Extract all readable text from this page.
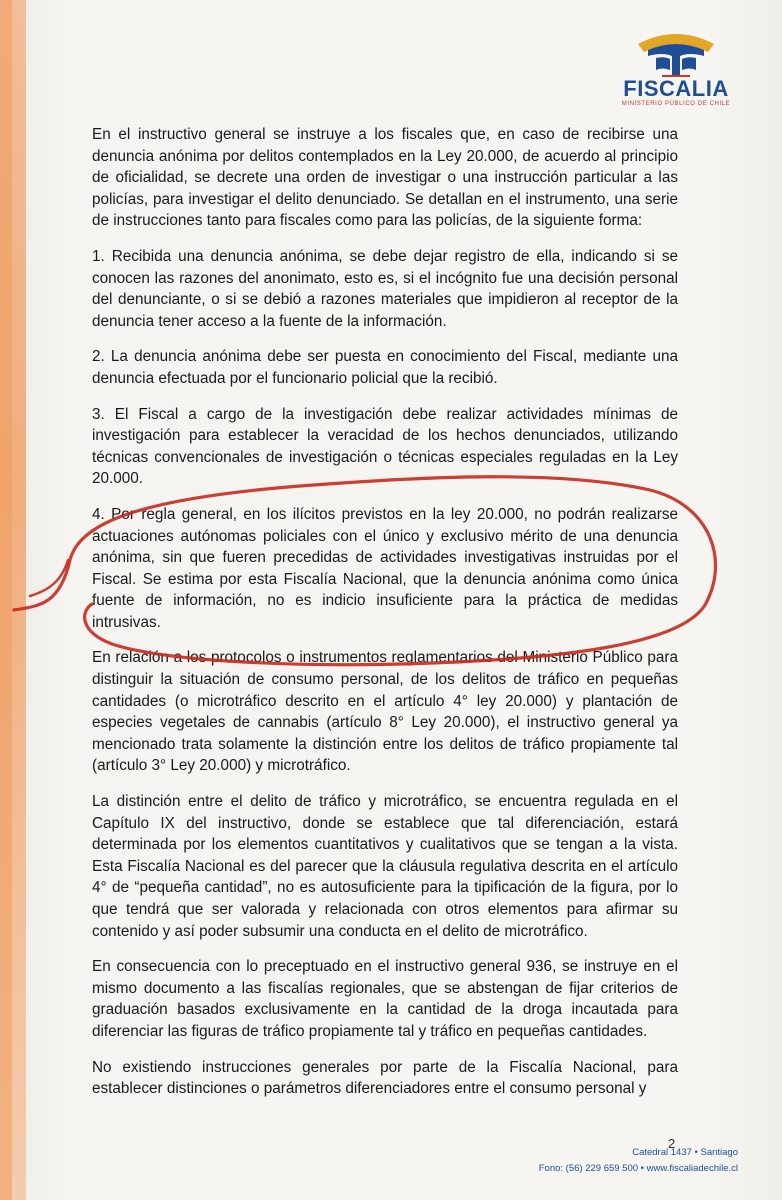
FISCALIA
MINISTERIO PÚBLICO DE CHILE

En el instructivo general se instruye a los fiscales que, en caso de recibirse una denuncia anónima por delitos contemplados en la Ley 20.000, de acuerdo al principio de oficialidad, se decrete una orden de investigar o una instrucción particular a las policías, para investigar el delito denunciado. Se detallan en el instrumento, una serie de instrucciones tanto para fiscales como para las policías, de la siguiente forma:

1. Recibida una denuncia anónima, se debe dejar registro de ella, indicando si se conocen las razones del anonimato, esto es, si el incógnito fue una decisión personal del denunciante, o si se debió a razones materiales que impidieron al receptor de la denuncia tener acceso a la fuente de la información.

2. La denuncia anónima debe ser puesta en conocimiento del Fiscal, mediante una denuncia efectuada por el funcionario policial que la recibió.

3. El Fiscal a cargo de la investigación debe realizar actividades mínimas de investigación para establecer la veracidad de los hechos denunciados, utilizando técnicas convencionales de investigación o técnicas especiales reguladas en la Ley 20.000.

4. Por regla general, en los ilícitos previstos en la ley 20.000, no podrán realizarse actuaciones autónomas policiales con el único y exclusivo mérito de una denuncia anónima, sin que fueren precedidas de actividades investigativas instruidas por el Fiscal. Se estima por esta Fiscalía Nacional, que la denuncia anónima como única fuente de información, no es indicio insuficiente para la práctica de medidas intrusivas.

En relación a los protocolos o instrumentos reglamentarios del Ministerio Público para distinguir la situación de consumo personal, de los delitos de tráfico en pequeñas cantidades (o microtráfico descrito en el artículo 4° ley 20.000) y plantación de especies vegetales de cannabis (artículo 8° Ley 20.000), el instructivo general ya mencionado trata solamente la distinción entre los delitos de tráfico propiamente tal (artículo 3° Ley 20.000) y microtráfico.

La distinción entre el delito de tráfico y microtráfico, se encuentra regulada en el Capítulo IX del instructivo, donde se establece que tal diferenciación, estará determinada por los elementos cuantitativos y cualitativos que se tengan a la vista. Esta Fiscalía Nacional es del parecer que la cláusula regulativa descrita en el artículo 4° de “pequeña cantidad”, no es autosuficiente para la tipificación de la figura, por lo que tendrá que ser valorada y relacionada con otros elementos para afirmar su contenido y así poder subsumir una conducta en el delito de microtráfico.

En consecuencia con lo preceptuado en el instructivo general 936, se instruye en el mismo documento a las fiscalías regionales, que se abstengan de fijar criterios de graduación basados exclusivamente en la cantidad de la droga incautada para diferenciar las figuras de tráfico propiamente tal y tráfico en pequeñas cantidades.

No existiendo instrucciones generales por parte de la Fiscalía Nacional, para establecer distinciones o parámetros diferenciadores entre el consumo personal y

2
Catedral 1437 • Santiago
Fono: (56) 229 659 500 • www.fiscaliadechile.cl
